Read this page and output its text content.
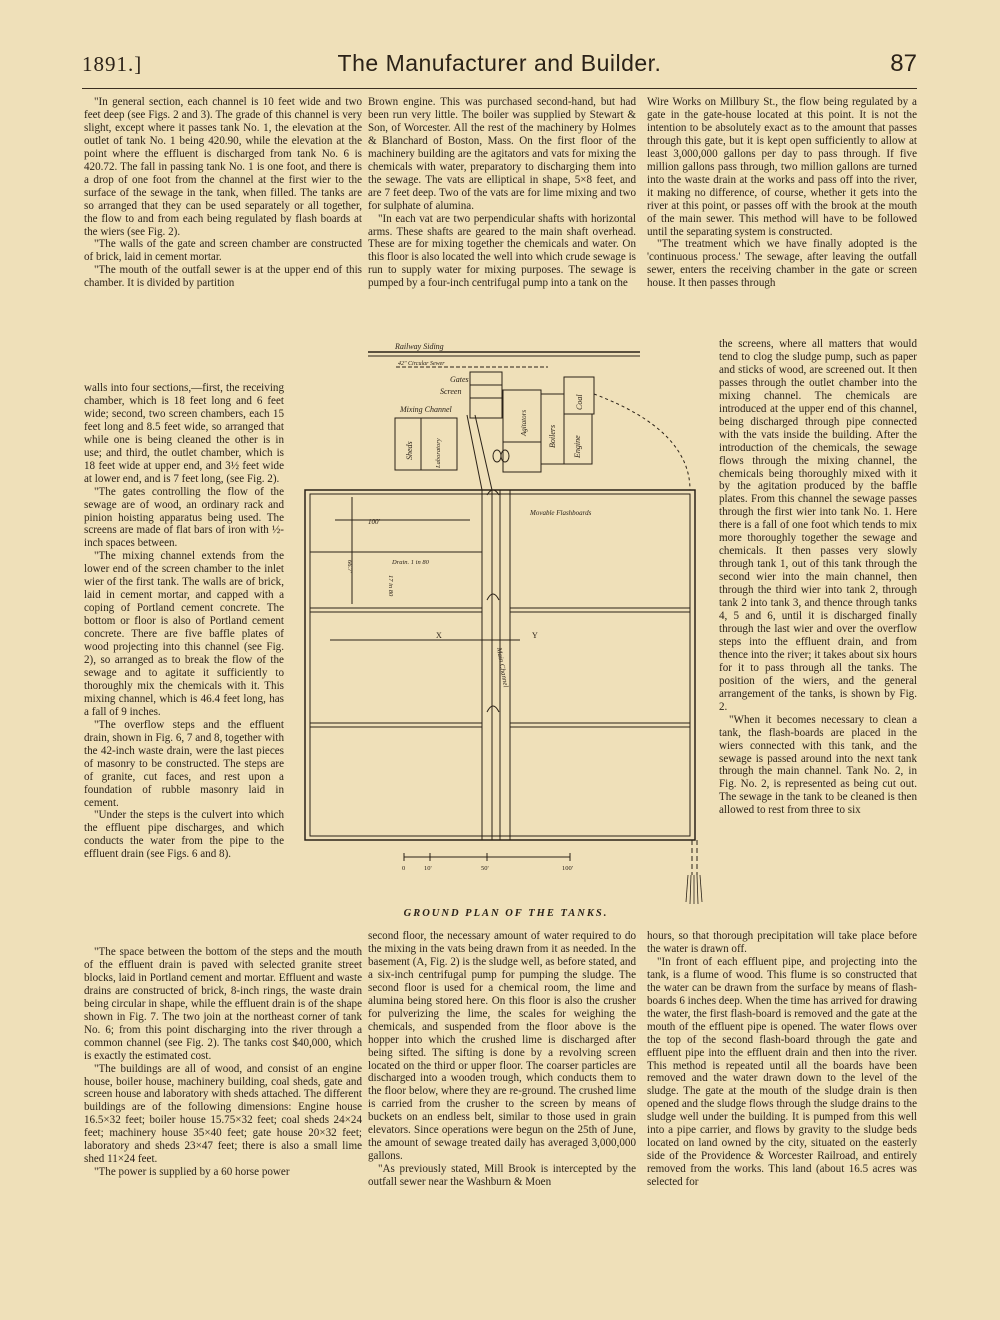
1891.]	The Manufacturer and Builder.	87

"In general section, each channel is 10 feet wide and two feet deep (see Figs. 2 and 3). The grade of this channel is very slight, except where it passes tank No. 1, the elevation at the outlet of tank No. 1 being 420.90, while the elevation at the point where the effluent is discharged from tank No. 6 is 420.72. The fall in passing tank No. 1 is one foot, and there is a drop of one foot from the channel at the first wier to the surface of the sewage in the tank, when filled. The tanks are so arranged that they can be used separately or all together, the flow to and from each being regulated by flash boards at the wiers (see Fig. 2).

"The walls of the gate and screen chamber are constructed of brick, laid in cement mortar.

"The mouth of the outfall sewer is at the upper end of this chamber. It is divided by partition

walls into four sections,—first, the receiving chamber, which is 18 feet long and 6 feet wide; second, two screen chambers, each 15 feet long and 8.5 feet wide, so arranged that while one is being cleaned the other is in use; and third, the outlet chamber, which is 18 feet wide at upper end, and 3½ feet wide at lower end, and is 7 feet long, (see Fig. 2).

"The gates controlling the flow of the sewage are of wood, an ordinary rack and pinion hoisting apparatus being used. The screens are made of flat bars of iron with ½-inch spaces between.

"The mixing channel extends from the lower end of the screen chamber to the inlet wier of the first tank. The walls are of brick, laid in cement mortar, and capped with a coping of Portland cement concrete. The bottom or floor is also of Portland cement concrete. There are five baffle plates of wood projecting into this channel (see Fig. 2), so arranged as to break the flow of the sewage and to agitate it sufficiently to thoroughly mix the chemicals with it. This mixing channel, which is 46.4 feet long, has a fall of 9 inches.

"The overflow steps and the effluent drain, shown in Fig. 6, 7 and 8, together with the 42-inch waste drain, were the last pieces of masonry to be constructed. The steps are of granite, cut faces, and rest upon a foundation of rubble masonry laid in cement.

"Under the steps is the culvert into which the effluent pipe discharges, and which conducts the water from the pipe to the effluent drain (see Figs. 6 and 8).

"The space between the bottom of the steps and the mouth of the effluent drain is paved with selected granite street blocks, laid in Portland cement and mortar. Effluent and waste drains are constructed of brick, 8-inch rings, the waste drain being circular in shape, while the effluent drain is of the shape shown in Fig. 7. The two join at the northeast corner of tank No. 6; from this point discharging into the river through a common channel (see Fig. 2). The tanks cost $40,000, which is exactly the estimated cost.

"The buildings are all of wood, and consist of an engine house, boiler house, machinery building, coal sheds, gate and screen house and laboratory with sheds attached. The different buildings are of the following dimensions: Engine house 16.5×32 feet; boiler house 15.75×32 feet; coal sheds 24×24 feet; machinery house 35×40 feet; gate house 20×32 feet; laboratory and sheds 23×47 feet; there is also a small lime shed 11×24 feet.

"The power is supplied by a 60 horse power

Brown engine. This was purchased second-hand, but had been run very little. The boiler was supplied by Stewart & Son, of Worcester. All the rest of the machinery by Holmes & Blanchard of Boston, Mass. On the first floor of the machinery building are the agitators and vats for mixing the chemicals with water, preparatory to discharging them into the sewage. The vats are elliptical in shape, 5×8 feet, and are 7 feet deep. Two of the vats are for lime mixing and two for sulphate of alumina.

"In each vat are two perpendicular shafts with horizontal arms. These shafts are geared to the main shaft overhead. These are for mixing together the chemicals and water. On this floor is also located the well into which crude sewage is run to supply water for mixing purposes. The sewage is pumped by a four-inch centrifugal pump into a tank on the

second floor, the necessary amount of water required to do the mixing in the vats being drawn from it as needed. In the basement (A, Fig. 2) is the sludge well, as before stated, and a six-inch centrifugal pump for pumping the sludge. The second floor is used for a chemical room, the lime and alumina being stored here. On this floor is also the crusher for pulverizing the lime, the scales for weighing the chemicals, and suspended from the floor above is the hopper into which the crushed lime is discharged after being sifted. The sifting is done by a revolving screen located on the third or upper floor. The coarser particles are discharged into a wooden trough, which conducts them to the floor below, where they are re-ground. The crushed lime is carried from the crusher to the screen by means of buckets on an endless belt, similar to those used in grain elevators. Since operations were begun on the 25th of June, the amount of sewage treated daily has averaged 3,000,000 gallons.

"As previously stated, Mill Brook is intercepted by the outfall sewer near the Washburn & Moen

Wire Works on Millbury St., the flow being regulated by a gate in the gate-house located at this point. It is not the intention to be absolutely exact as to the amount that passes through this gate, but it is kept open sufficiently to allow at least 3,000,000 gallons per day to pass through. If five million gallons pass through, two million gallons are turned into the waste drain at the works and pass off into the river, it making no difference, of course, whether it gets into the river at this point, or passes off with the brook at the mouth of the main sewer. This method will have to be followed until the separating system is constructed.

"The treatment which we have finally adopted is the 'continuous process.' The sewage, after leaving the outfall sewer, enters the receiving chamber in the gate or screen house. It then passes through

the screens, where all matters that would tend to clog the sludge pump, such as paper and sticks of wood, are screened out. It then passes through the outlet chamber into the mixing channel. The chemicals are introduced at the upper end of this channel, being discharged through pipe connected with the vats inside the building. After the introduction of the chemicals, the sewage flows through the mixing channel, the chemicals being thoroughly mixed with it by the agitation produced by the baffle plates. From this channel the sewage passes through the first wier into tank No. 1. Here there is a fall of one foot which tends to mix more thoroughly together the sewage and chemicals. It then passes very slowly through tank 1, out of this tank through the second wier into the main channel, then through the third wier into tank 2, through tank 2 into tank 3, and thence through tanks 4, 5 and 6, until it is discharged finally through the last wier and over the overflow steps into the effluent drain, and from thence into the river; it takes about six hours for it to pass through all the tanks. The position of the wiers, and the general arrangement of the tanks, is shown by Fig. 2.

"When it becomes necessary to clean a tank, the flash-boards are placed in the wiers connected with this tank, and the sewage is passed around into the next tank through the main channel. Tank No. 2, in Fig. No. 2, is represented as being cut out. The sewage in the tank to be cleaned is then allowed to rest from three to six

hours, so that thorough precipitation will take place before the water is drawn off.

"In front of each effluent pipe, and projecting into the tank, is a flume of wood. This flume is so constructed that the water can be drawn from the surface by means of flash-boards 6 inches deep. When the time has arrived for drawing the water, the first flash-board is removed and the gate at the mouth of the effluent pipe is opened. The water flows over the top of the second flash-board through the gate and effluent pipe into the effluent drain and then into the river. This method is repeated until all the boards have been removed and the water drawn down to the level of the sludge. The gate at the mouth of the sludge drain is then opened and the sludge flows through the sludge drains to the sludge well under the building. It is pumped from this well into a pipe carrier, and flows by gravity to the sludge beds located on land owned by the city, situated on the easterly side of the Providence & Worcester Railroad, and entirely removed from the works. This land (about 16.5 acres was selected for

Railway Siding
42" Circular Sewer
Gates
Screen
Mixing Channel
Sheds	Laboratory
Agitators
Coal
Boilers Engine
Movable Flashboards
100'
Drain. 1 in 80
66.7'
17 in 80
Main Channel
X	Y
0	10'	50'	100'
GROUND PLAN OF THE TANKS.
